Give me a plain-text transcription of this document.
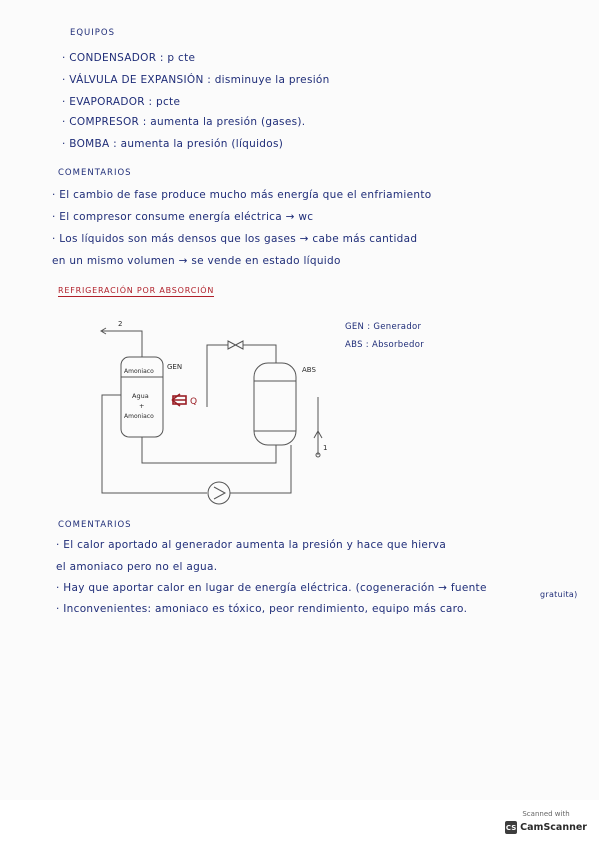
EQUIPOS
· CONDENSADOR : p cte
· VÁLVULA DE EXPANSIÓN : disminuye la presión
· EVAPORADOR : pcte
· COMPRESOR : aumenta la presión (gases).
· BOMBA : aumenta la presión (líquidos)
COMENTARIOS
· El cambio de fase produce mucho más energía que el enfriamiento
· El compresor consume energía eléctrica → wc
· Los líquidos son más densos que los gases → cabe más cantidad
en un mismo volumen → se vende en estado líquido
REFRIGERACIÓN POR ABSORCIÓN
2
1
GEN	ABS
Amoniaco
Agua
+
Amoniaco
Q
GEN : Generador
ABS : Absorbedor
COMENTARIOS
· El calor aportado al generador aumenta la presión y hace que hierva
el amoniaco pero no el agua.
· Hay que aportar calor en lugar de energía eléctrica. (cogeneración → fuente
gratuita)
· Inconvenientes: amoniaco es tóxico, peor rendimiento, equipo más caro.
Scanned with
CS CamScanner
